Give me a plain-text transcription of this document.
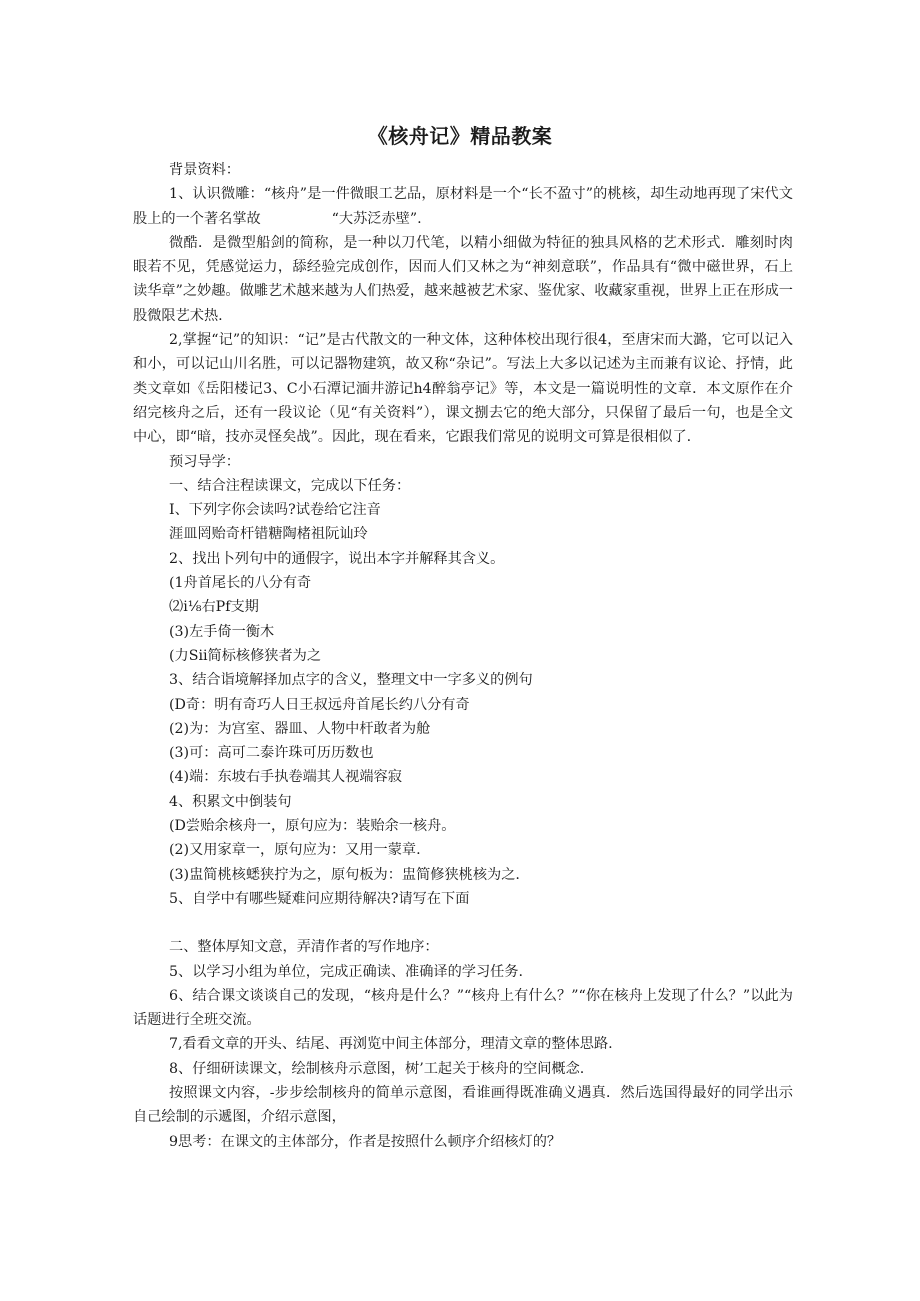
《核舟记》精品教案

背景资料：

1、认识微雕：“核舟”是一件微眼工艺品，原材料是一个“长不盈寸”的桃核，却生动地再现了宋代文股上的一个著名掌故　　　　　“大苏泛赤壁”.

微酷．是微型船剑的简称，是一种以刀代笔，以精小细做为特征的独具风格的艺术形式．雕刻时肉眼若不见，凭感觉运力，舔经验完成创作，因而人们又林之为“神刻意联”，作品具有“微中磁世界，石上读华章”之妙趣。做雕艺术越来越为人们热爱，越来越被艺术家、鉴优家、收藏家重视，世界上正在形成一股微限艺术热.

2,掌握“记”的知识：“记”是古代散文的一种文体，这种体校出现行很4，至唐宋而大潞，它可以记入和小，可以记山川名胜，可以记器物建筑，故又称“杂记”。写法上大多以记述为主而兼有议论、抒情，此类文章如《岳阳楼记3、C小石潭记湎井游记h4醉翁亭记》等，本文是一篇说明性的文章．本文原作在介绍完核舟之后，还有一段议论（见“有关资料”），课文捌去它的绝大部分，只保留了最后一句，也是全文中心，即“暗，技亦灵怪矣战”。因此，现在看来，它跟我们常见的说明文可算是很相似了.

预习导学：

一、结合注程读课文，完成以下任务：

I、下列字你会读吗?试卷给它注音

涯皿罔贻奇杆错糖陶楮祖阮讪玲

2、找出卜列句中的通假字，说出本字并解释其含义。

(1舟首尾长的八分有奇

⑵i⅛右Pf支期

(3)左手倚一衡木

(力Sii简标核修狭者为之

3、结合诣境解择加点字的含义，整理文中一字多义的例句

(D奇：明有奇巧人日王叔远舟首尾长约八分有奇

(2)为：为宫室、器皿、人物中杆敢者为舱

(3)可：高可二泰许珠可历历数也

(4)端：东坡右手执卷端其人视端容寂

4、积累文中倒装句

(D尝贻余核舟一，原句应为：装贻余一核舟。

(2)又用家章一，原句应为：又用一蒙章.

(3)盅简桃核蟋狭拧为之，原句板为：盅简修狭桃核为之.

5、自学中有哪些疑难问应期待解决?请写在下面

二、整体厚知文意，弄清作者的写作地序：

5、以学习小组为单位，完成正确读、准确译的学习任务.

6、结合课文谈谈自己的发现，“核舟是什么？”“核舟上有什么？”“你在核舟上发现了什么？”以此为话题进行全班交流。

7,看看文章的开头、结尾、再浏览中间主体部分，理清文章的整体思路.

8、仔细研读课文，绘制核舟示意图，树’工起关于核舟的空间概念.

按照课文内容，-步步绘制核舟的简单示意图，看谁画得既准确义遇真．然后选国得最好的同学出示自己绘制的示遞图，介绍示意图，

9思考：在课文的主体部分，作者是按照什么顿序介绍核灯的？
